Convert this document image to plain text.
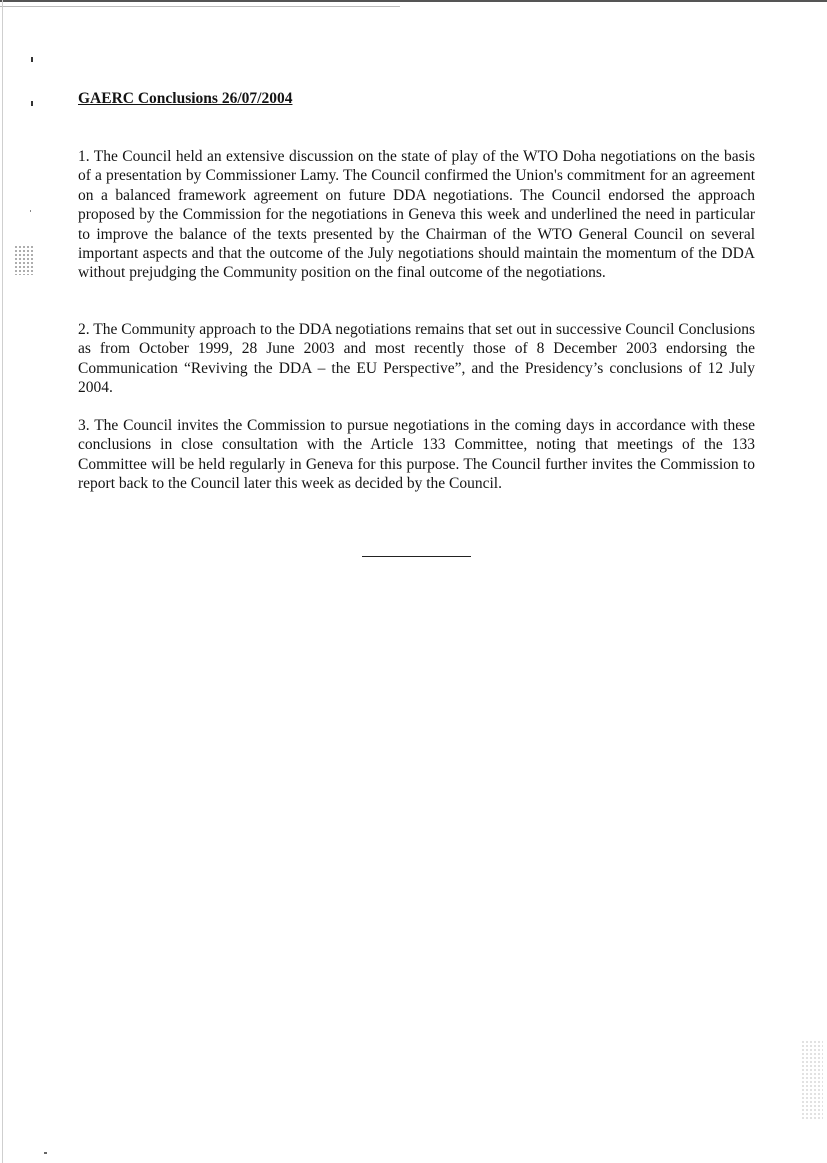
GAERC Conclusions 26/07/2004

1. The Council held an extensive discussion on the state of play of the WTO Doha negotiations on the basis of a presentation by Commissioner Lamy. The Council confirmed the Union's commitment for an agreement on a balanced framework agreement on future DDA negotiations. The Council endorsed the approach proposed by the Commission for the negotiations in Geneva this week and underlined the need in particular to improve the balance of the texts presented by the Chairman of the WTO General Council on several important aspects and that the outcome of the July negotiations should maintain the momentum of the DDA without prejudging the Community position on the final outcome of the negotiations.

2. The Community approach to the DDA negotiations remains that set out in successive Council Conclusions as from October 1999, 28 June 2003 and most recently those of 8 December 2003 endorsing the Communication “Reviving the DDA – the EU Perspective”, and the Presidency’s conclusions of 12 July 2004.

3. The Council invites the Commission to pursue negotiations in the coming days in accordance with these conclusions in close consultation with the Article 133 Committee, noting that meetings of the 133 Committee will be held regularly in Geneva for this purpose. The Council further invites the Commission to report back to the Council later this week as decided by the Council.
